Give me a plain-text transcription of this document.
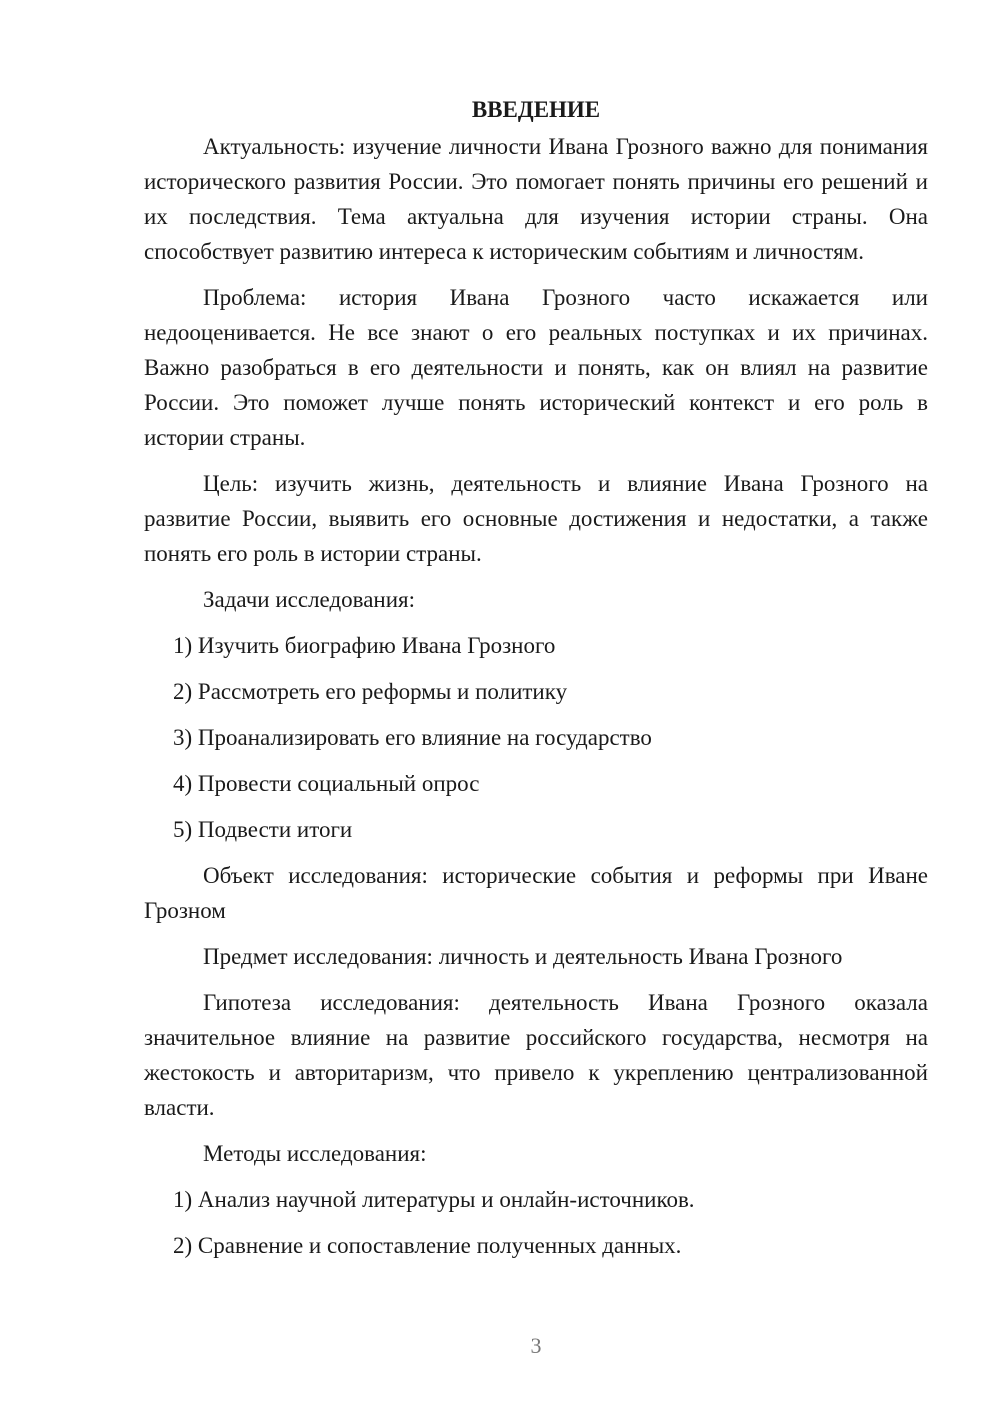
ВВЕДЕНИЕ

Актуальность: изучение личности Ивана Грозного важно для понимания исторического развития России. Это помогает понять причины его решений и их последствия. Тема актуальна для изучения истории страны. Она способствует развитию интереса к историческим событиям и личностям.

Проблема: история Ивана Грозного часто искажается или недооценивается. Не все знают о его реальных поступках и их причинах. Важно разобраться в его деятельности и понять, как он влиял на развитие России. Это поможет лучше понять исторический контекст и его роль в истории страны.

Цель: изучить жизнь, деятельность и влияние Ивана Грозного на развитие России, выявить его основные достижения и недостатки, а также понять его роль в истории страны.

Задачи исследования:
1) Изучить биографию Ивана Грозного
2) Рассмотреть его реформы и политику
3) Проанализировать его влияние на государство
4) Провести социальный опрос
5) Подвести итоги

Объект исследования: исторические события и реформы при Иване Грозном

Предмет исследования: личность и деятельность Ивана Грозного

Гипотеза исследования: деятельность Ивана Грозного оказала значительное влияние на развитие российского государства, несмотря на жестокость и авторитаризм, что привело к укреплению централизованной власти.

Методы исследования:
1) Анализ научной литературы и онлайн-источников.
2) Сравнение и сопоставление полученных данных.
3
